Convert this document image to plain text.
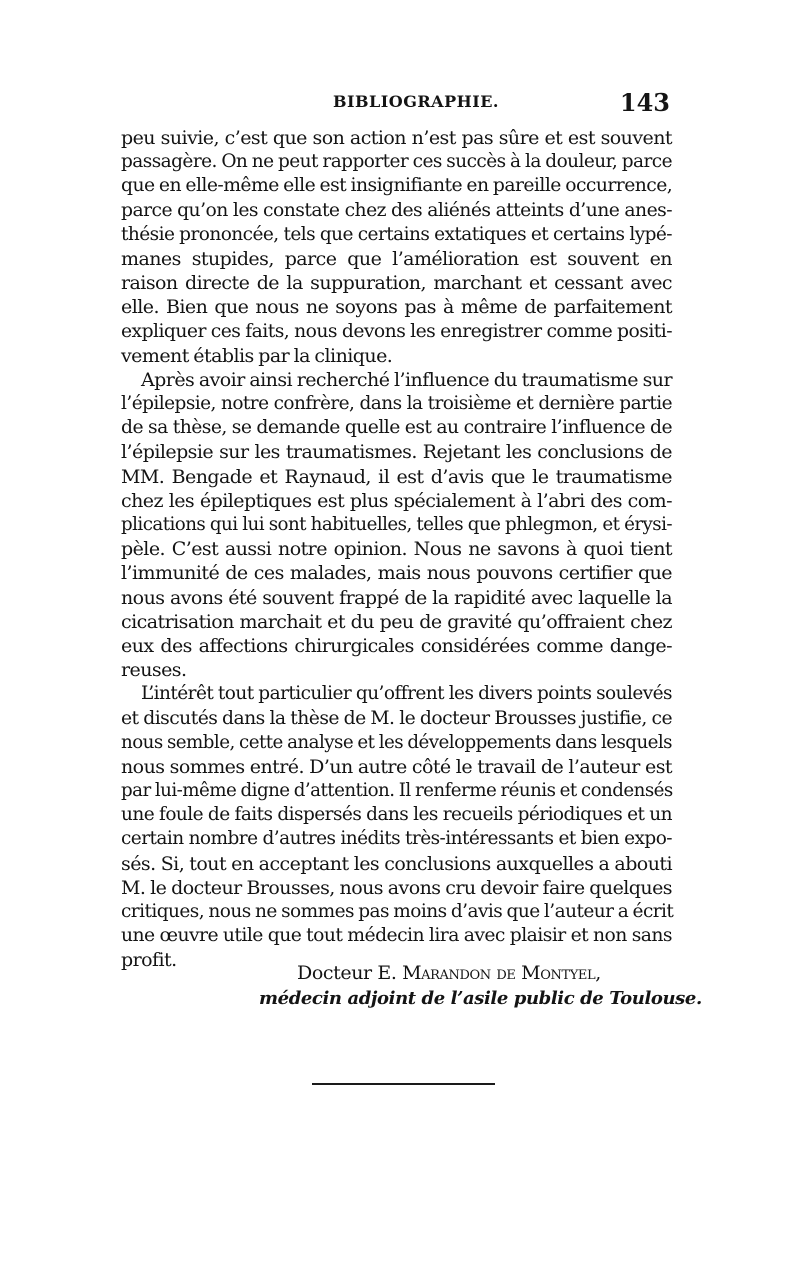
BIBLIOGRAPHIE.	143
peu suivie, c’est que son action n’est pas sûre et est souvent
passagère. On ne peut rapporter ces succès à la douleur, parce
que en elle-même elle est insignifiante en pareille occurrence,
parce qu’on les constate chez des aliénés atteints d’une anes-
thésie prononcée, tels que certains extatiques et certains lypé-
manes stupides, parce que l’amélioration est souvent en
raison directe de la suppuration, marchant et cessant avec
elle. Bien que nous ne soyons pas à même de parfaitement
expliquer ces faits, nous devons les enregistrer comme positi-
vement établis par la clinique.
Après avoir ainsi recherché l’influence du traumatisme sur
l’épilepsie, notre confrère, dans la troisième et dernière partie
de sa thèse, se demande quelle est au contraire l’influence de
l’épilepsie sur les traumatismes. Rejetant les conclusions de
MM. Bengade et Raynaud, il est d’avis que le traumatisme
chez les épileptiques est plus spécialement à l’abri des com-
plications qui lui sont habituelles, telles que phlegmon, et érysi-
pèle. C’est aussi notre opinion. Nous ne savons à quoi tient
l’immunité de ces malades, mais nous pouvons certifier que
nous avons été souvent frappé de la rapidité avec laquelle la
cicatrisation marchait et du peu de gravité qu’offraient chez
eux des affections chirurgicales considérées comme dange-
reuses.
L’intérêt tout particulier qu’offrent les divers points soulevés
et discutés dans la thèse de M. le docteur Brousses justifie, ce
nous semble, cette analyse et les développements dans lesquels
nous sommes entré. D’un autre côté le travail de l’auteur est
par lui-même digne d’attention. Il renferme réunis et condensés
une foule de faits dispersés dans les recueils périodiques et un
certain nombre d’autres inédits très-intéressants et bien expo-
sés. Si, tout en acceptant les conclusions auxquelles a abouti
M. le docteur Brousses, nous avons cru devoir faire quelques
critiques, nous ne sommes pas moins d’avis que l’auteur a écrit
une œuvre utile que tout médecin lira avec plaisir et non sans
profit.
Docteur E. Marandon de Montyel,
médecin adjoint de l’asile public de Toulouse.
